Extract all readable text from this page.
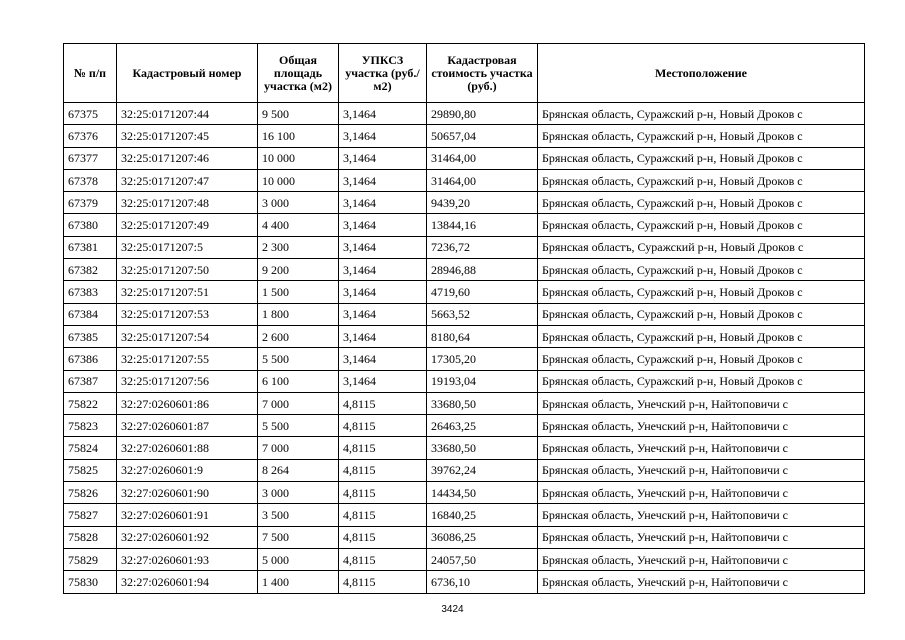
№ п/п	Кадастровый номер	Общая площадь участка (м2)	УПКСЗ участка (руб./м2)	Кадастровая стоимость участка (руб.)	Местоположение
67375	32:25:0171207:44	9 500	3,1464	29890,80	Брянская область, Суражский р-н, Новый Дроков с
67376	32:25:0171207:45	16 100	3,1464	50657,04	Брянская область, Суражский р-н, Новый Дроков с
67377	32:25:0171207:46	10 000	3,1464	31464,00	Брянская область, Суражский р-н, Новый Дроков с
67378	32:25:0171207:47	10 000	3,1464	31464,00	Брянская область, Суражский р-н, Новый Дроков с
67379	32:25:0171207:48	3 000	3,1464	9439,20	Брянская область, Суражский р-н, Новый Дроков с
67380	32:25:0171207:49	4 400	3,1464	13844,16	Брянская область, Суражский р-н, Новый Дроков с
67381	32:25:0171207:5	2 300	3,1464	7236,72	Брянская областъ, Суражский р-н, Новый Дроков с
67382	32:25:0171207:50	9 200	3,1464	28946,88	Брянская область, Суражский р-н, Новый Дроков с
67383	32:25:0171207:51	1 500	3,1464	4719,60	Брянская область, Суражский р-н, Новый Дроков с
67384	32:25:0171207:53	1 800	3,1464	5663,52	Брянская область, Суражский р-н, Новый Дроков с
67385	32:25:0171207:54	2 600	3,1464	8180,64	Брянская область, Суражский р-н, Новый Дроков с
67386	32:25:0171207:55	5 500	3,1464	17305,20	Брянская область, Суражский р-н, Новый Дроков с
67387	32:25:0171207:56	6 100	3,1464	19193,04	Брянская область, Суражский р-н, Новый Дроков с
75822	32:27:0260601:86	7 000	4,8115	33680,50	Брянская область, Унечский р-н, Найтоповичи с
75823	32:27:0260601:87	5 500	4,8115	26463,25	Брянская область, Унечский р-н, Найтоповичи с
75824	32:27:0260601:88	7 000	4,8115	33680,50	Брянская область, Унечский р-н, Найтоповичи с
75825	32:27:0260601:9	8 264	4,8115	39762,24	Брянская область, Унечский р-н, Найтоповичи с
75826	32:27:0260601:90	3 000	4,8115	14434,50	Брянская область, Унечский р-н, Найтоповичи с
75827	32:27:0260601:91	3 500	4,8115	16840,25	Брянская область, Унечский р-н, Найтоповичи с
75828	32:27:0260601:92	7 500	4,8115	36086,25	Брянская область, Унечский р-н, Найтоповичи с
75829	32:27:0260601:93	5 000	4,8115	24057,50	Брянская область, Унечский р-н, Найтоповичи с
75830	32:27:0260601:94	1 400	4,8115	6736,10	Брянская область, Унечский р-н, Найтоповичи с
3424
